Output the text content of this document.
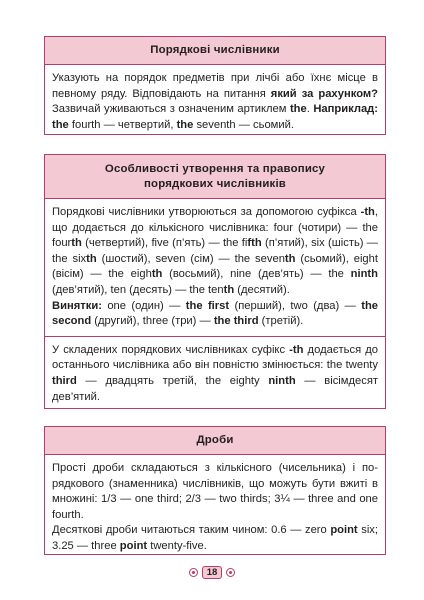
Порядкові числівники
Указують на порядок предметів при лічбі або їхнє місце в певному ряду. Відповідають на питання який за рахунком? Зазвичай уживаються з означеним артиклем the. Наприклад: the fourth — четвертий, the seventh — сьомий.
Особливості утворення та правопису
порядкових числівників
Порядкові числівники утворюються за допомогою суфікса -th, що додається до кількісного числівника: four (чотири) — the fourth (четвертий), five (п’ять) — the fifth (п’ятий), six (шість) — the sixth (шостий), seven (сім) — the seventh (сьомий), eight (вісім) — the eighth (восьмий), nine (дев’ять) — the ninth (дев’ятий), ten (десять) — the tenth (десятий).
Винятки: one (один) — the first (перший), two (два) — the second (другий), three (три) — the third (третій).
У складених порядкових числівниках суфікс -th додається до останнього числівника або він повністю змінюється: the twenty third — двадцять третій, the eighty ninth — вісімдесят дев’ятий.
Дроби
Прості дроби складаються з кількісного (чисельника) і порядкового (знаменника) числівників, що можуть бути вжиті в множині: 1/3 — one third; 2/3 — two thirds; 3¼ — three and one fourth.
Десяткові дроби читаються таким чином: 0.6 — zero point six; 3.25 — three point twenty-five.
18
